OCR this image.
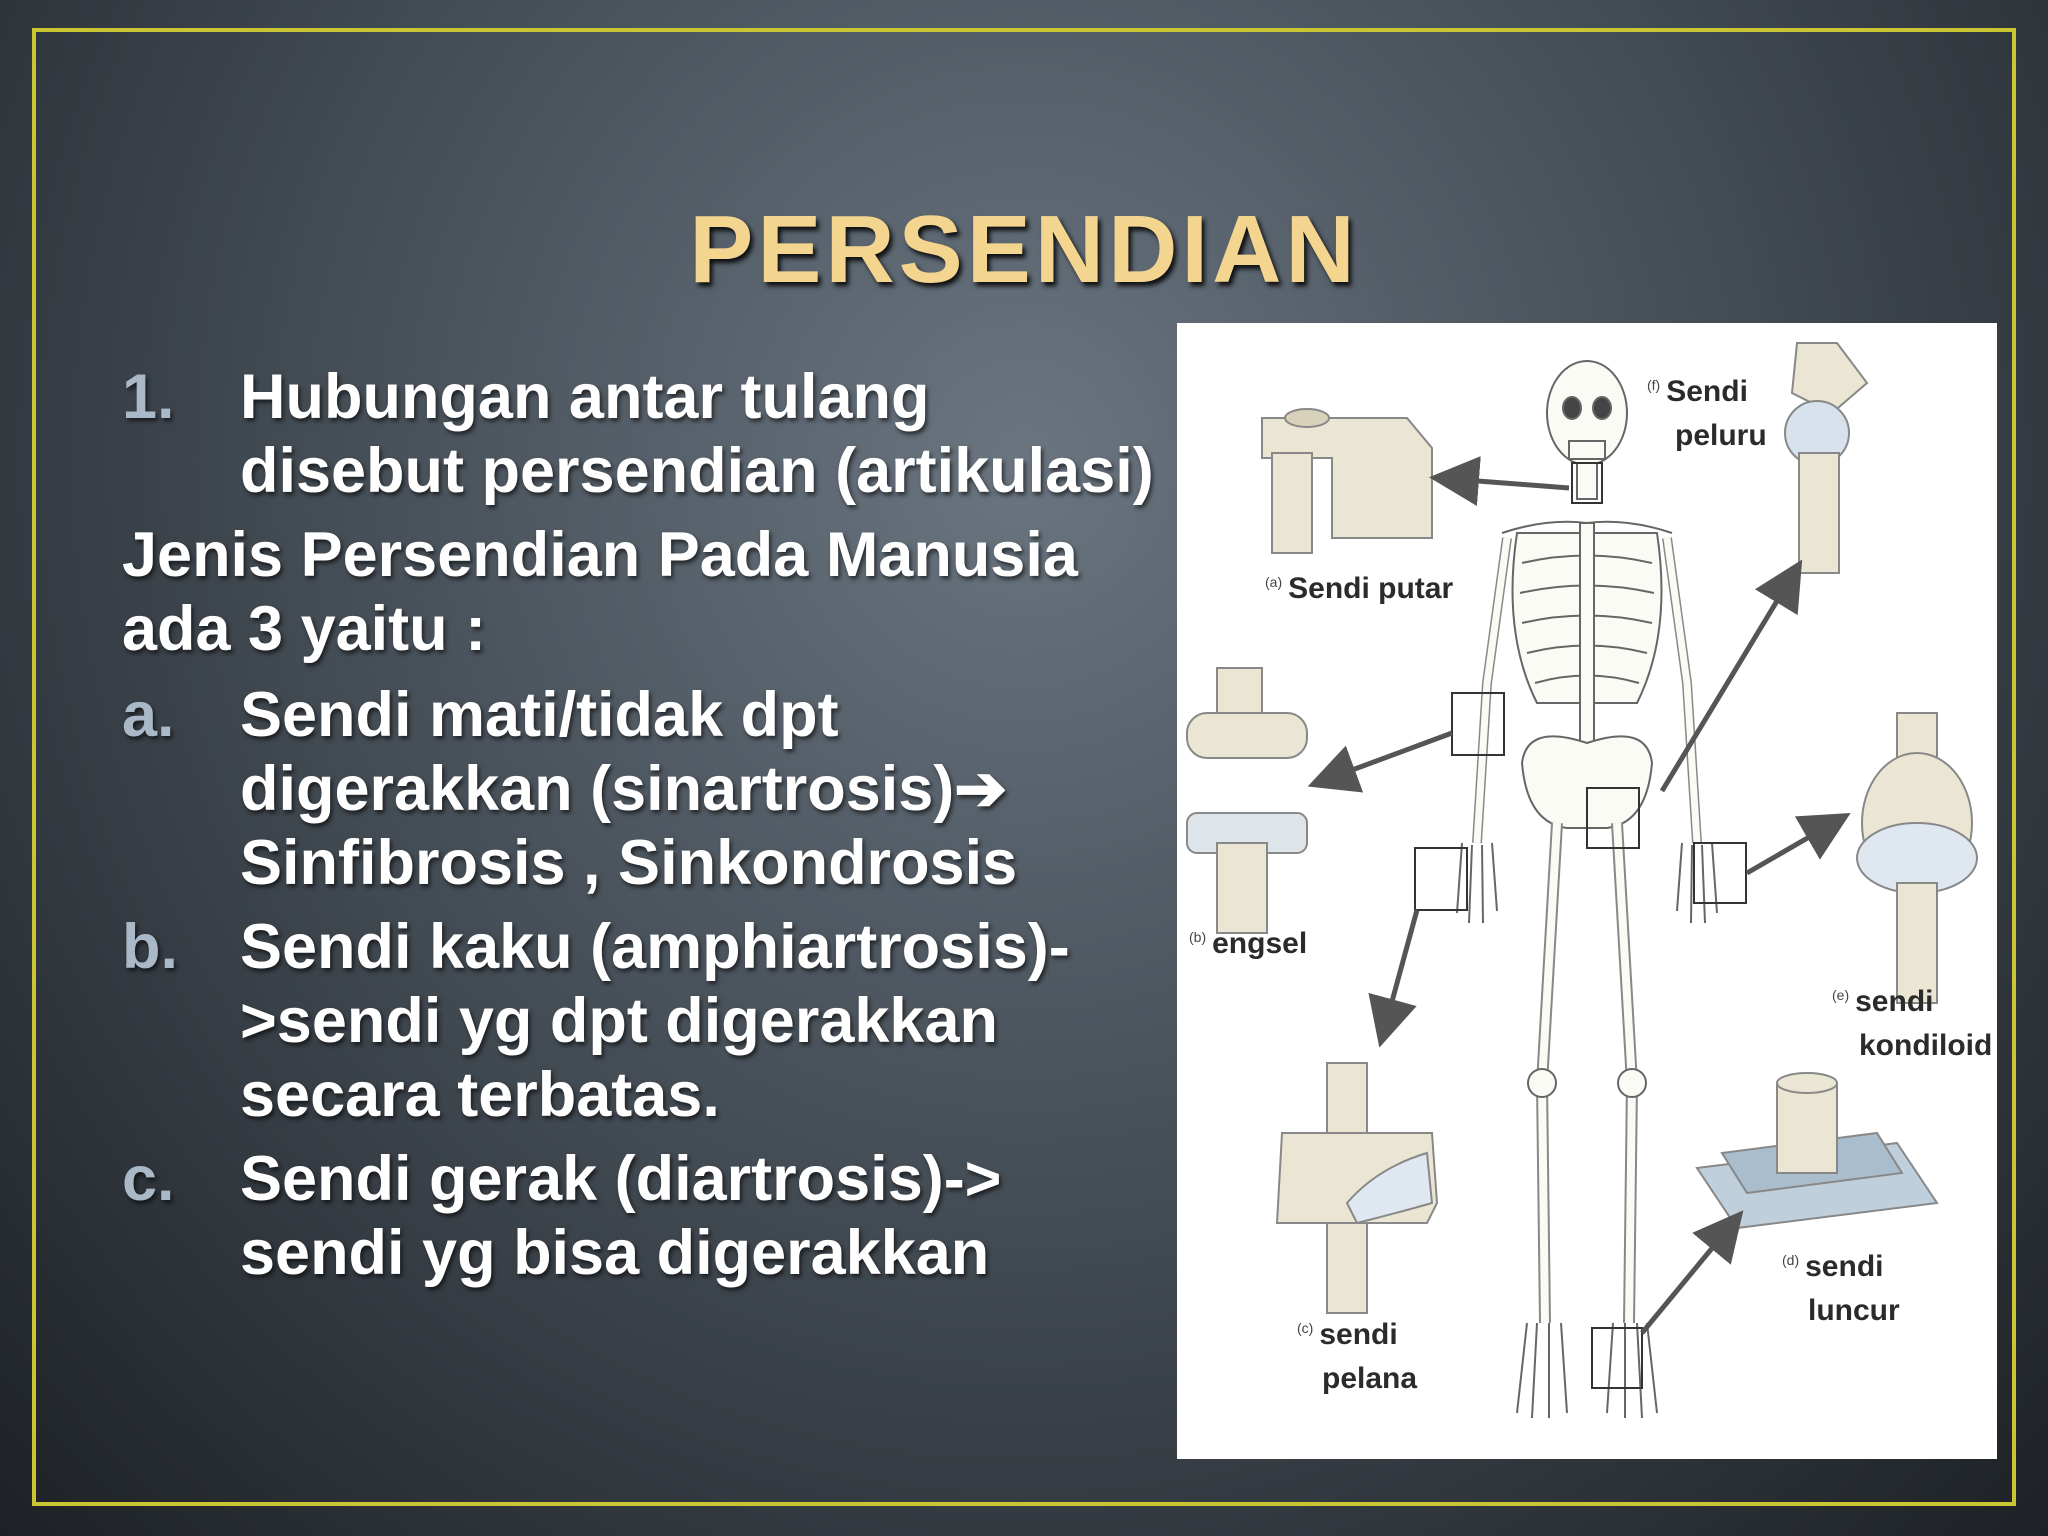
PERSENDIAN
1.	Hubungan antar tulang disebut persendian (artikulasi)
Jenis Persendian Pada Manusia ada 3 yaitu :
a.	Sendi mati/tidak dpt digerakkan (sinartrosis)➔ Sinfibrosis , Sinkondrosis
b. Sendi kaku (amphiartrosis)->sendi yg dpt digerakkan secara terbatas.
c.	Sendi gerak (diartrosis)-> sendi yg bisa digerakkan
$^{(a)}$ Sendi putar
$^{(b)}$ engsel
$^{(c)}$ sendi
pelana
$^{(d)}$ sendi
luncur
$^{(e)}$ sendi
kondiloid
$^{(f)}$ Sendi
peluru
